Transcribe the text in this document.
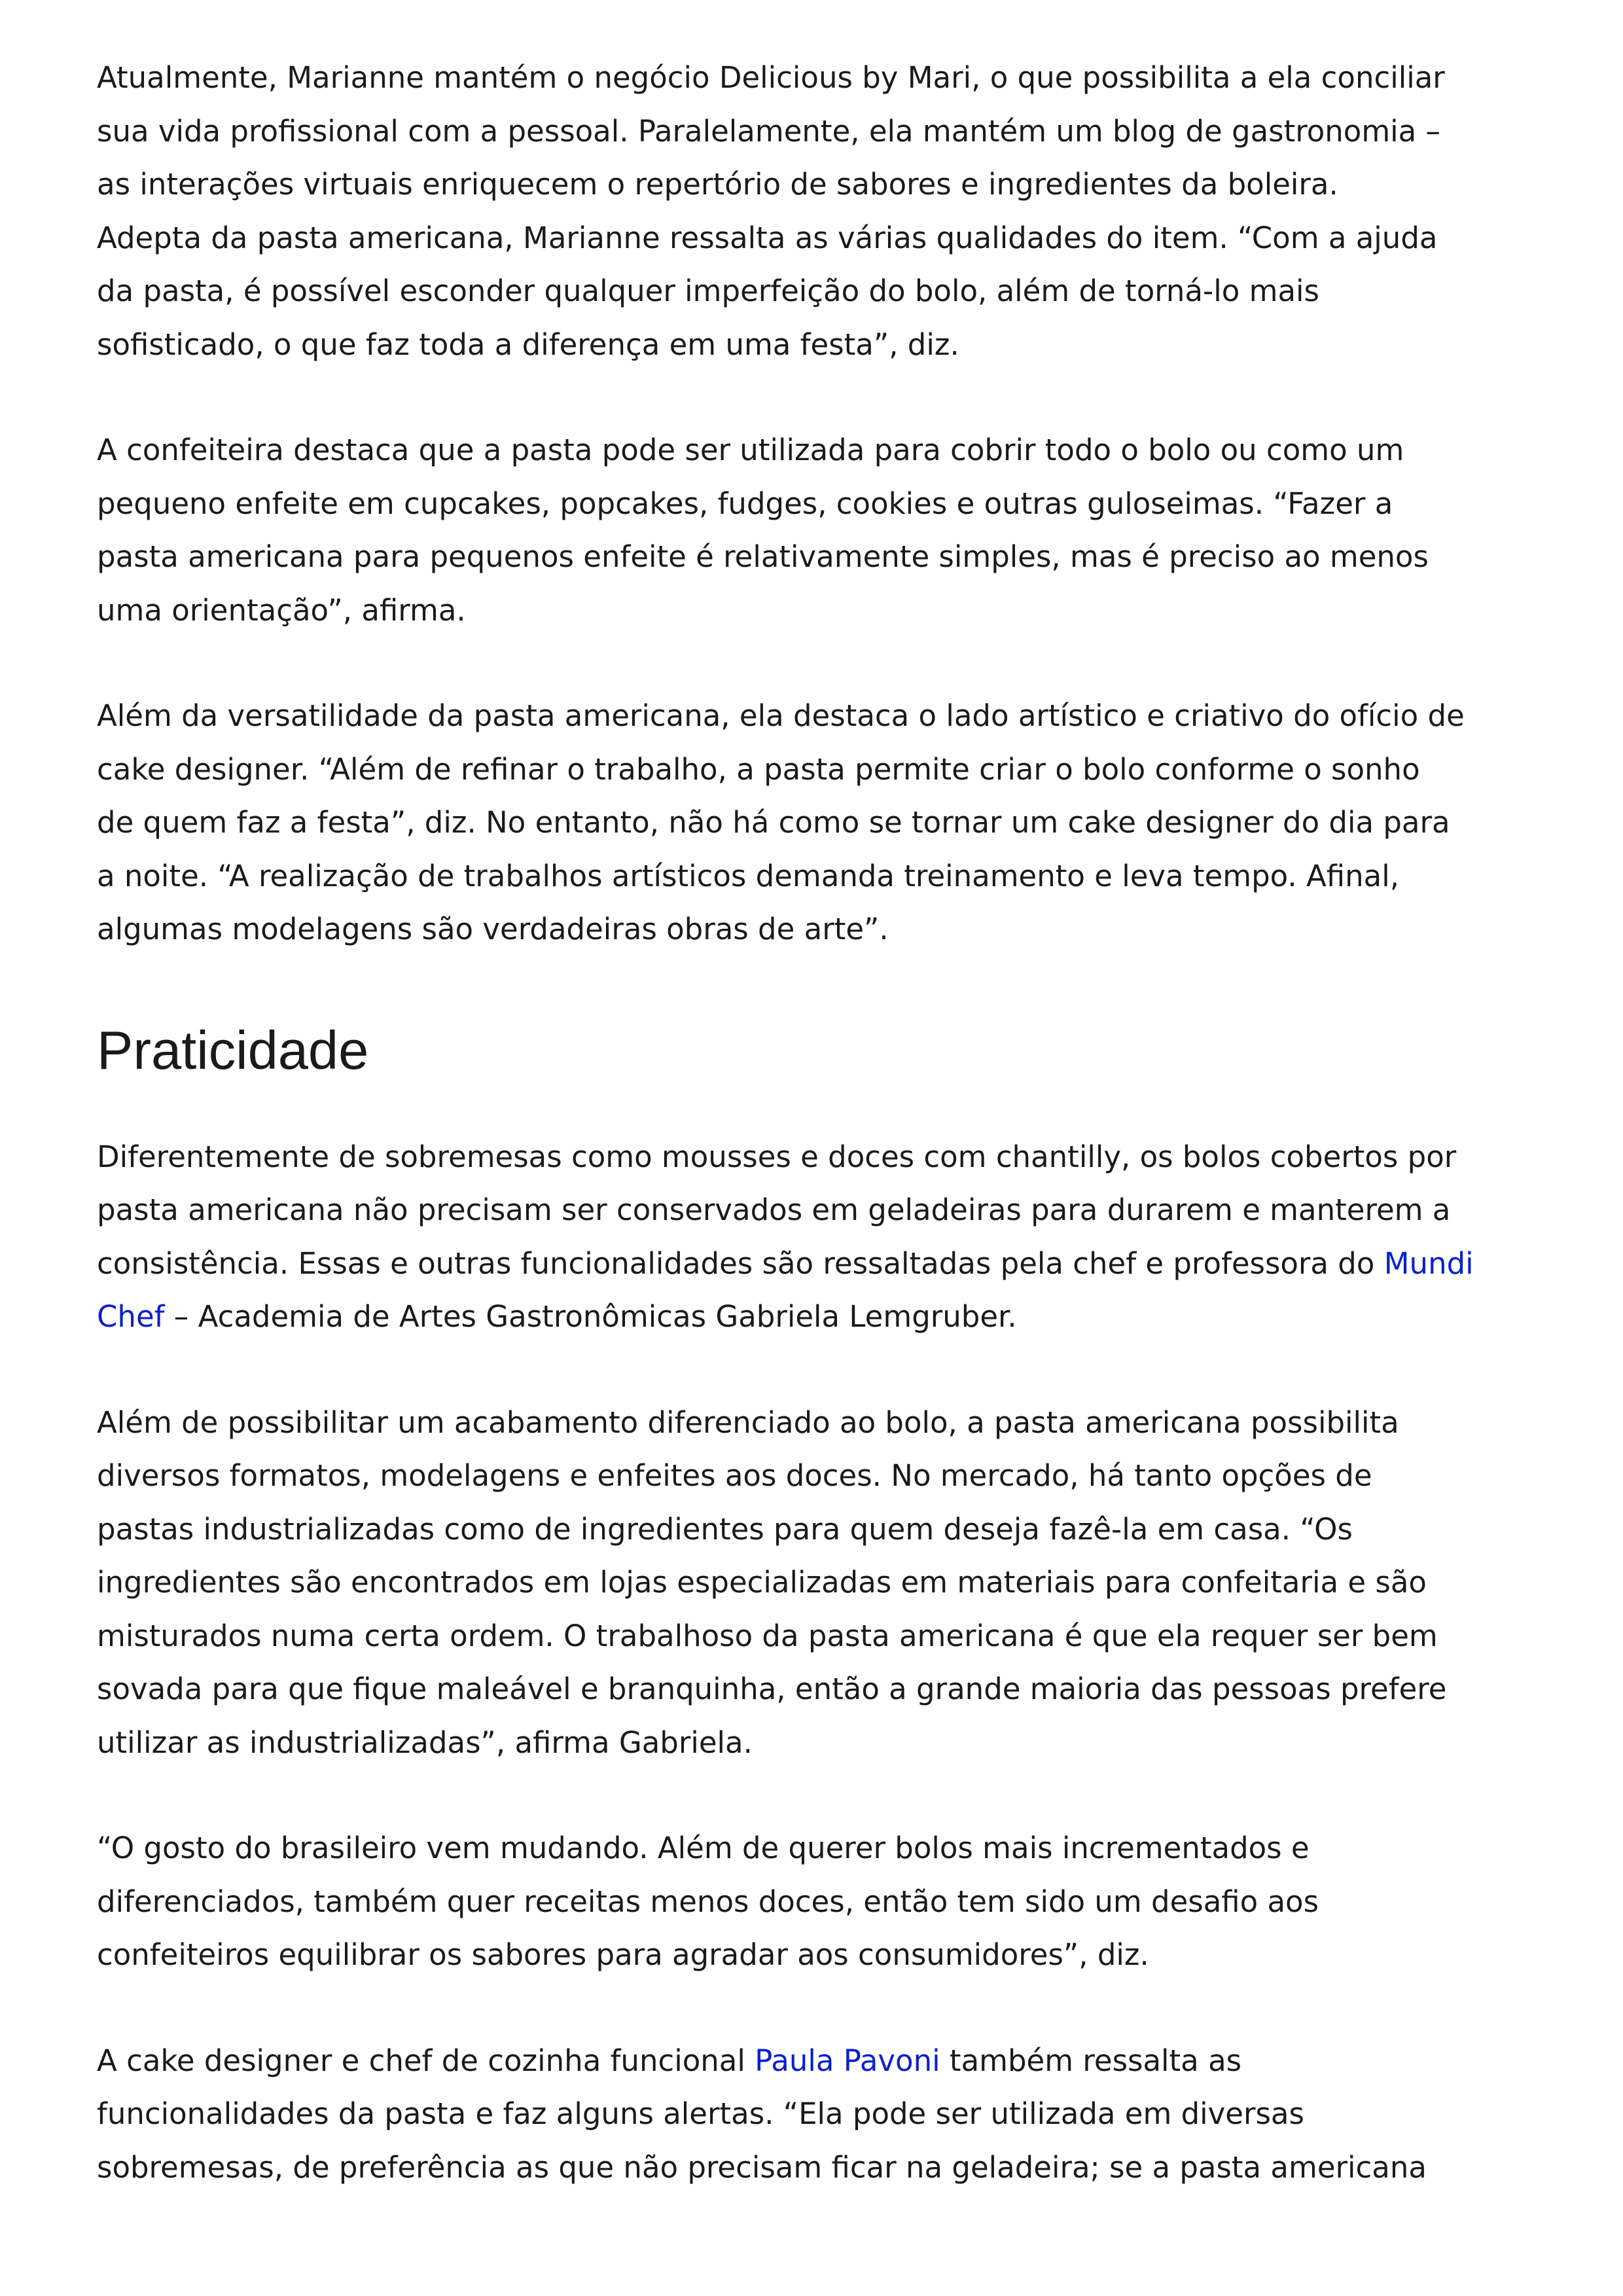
Atualmente, Marianne mantém o negócio Delicious by Mari, o que possibilita a ela conciliar
sua vida profissional com a pessoal. Paralelamente, ela mantém um blog de gastronomia –
as interações virtuais enriquecem o repertório de sabores e ingredientes da boleira.
Adepta da pasta americana, Marianne ressalta as várias qualidades do item. “Com a ajuda
da pasta, é possível esconder qualquer imperfeição do bolo, além de torná-lo mais
sofisticado, o que faz toda a diferença em uma festa”, diz.

A confeiteira destaca que a pasta pode ser utilizada para cobrir todo o bolo ou como um
pequeno enfeite em cupcakes, popcakes, fudges, cookies e outras guloseimas. “Fazer a
pasta americana para pequenos enfeite é relativamente simples, mas é preciso ao menos
uma orientação”, afirma.

Além da versatilidade da pasta americana, ela destaca o lado artístico e criativo do ofício de
cake designer. “Além de refinar o trabalho, a pasta permite criar o bolo conforme o sonho
de quem faz a festa”, diz. No entanto, não há como se tornar um cake designer do dia para
a noite. “A realização de trabalhos artísticos demanda treinamento e leva tempo. Afinal,
algumas modelagens são verdadeiras obras de arte”.

Praticidade

Diferentemente de sobremesas como mousses e doces com chantilly, os bolos cobertos por
pasta americana não precisam ser conservados em geladeiras para durarem e manterem a
consistência. Essas e outras funcionalidades são ressaltadas pela chef e professora do Mundi
Chef – Academia de Artes Gastronômicas Gabriela Lemgruber.

Além de possibilitar um acabamento diferenciado ao bolo, a pasta americana possibilita
diversos formatos, modelagens e enfeites aos doces. No mercado, há tanto opções de
pastas industrializadas como de ingredientes para quem deseja fazê-la em casa. “Os
ingredientes são encontrados em lojas especializadas em materiais para confeitaria e são
misturados numa certa ordem. O trabalhoso da pasta americana é que ela requer ser bem
sovada para que fique maleável e branquinha, então a grande maioria das pessoas prefere
utilizar as industrializadas”, afirma Gabriela.

“O gosto do brasileiro vem mudando. Além de querer bolos mais incrementados e
diferenciados, também quer receitas menos doces, então tem sido um desafio aos
confeiteiros equilibrar os sabores para agradar aos consumidores”, diz.

A cake designer e chef de cozinha funcional Paula Pavoni também ressalta as
funcionalidades da pasta e faz alguns alertas. “Ela pode ser utilizada em diversas
sobremesas, de preferência as que não precisam ficar na geladeira; se a pasta americana
